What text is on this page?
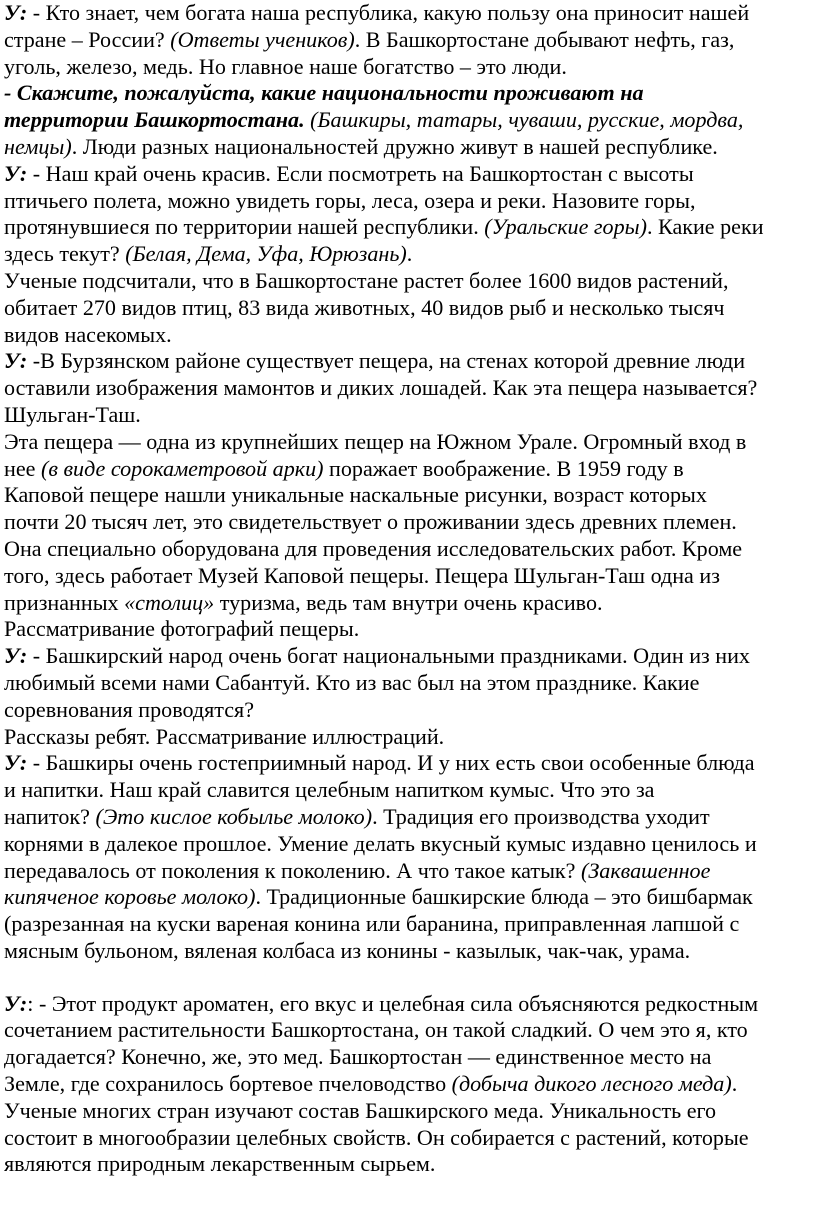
У: - Кто знает, чем богата наша республика, какую пользу она приносит нашей

стране – России? (Ответы учеников). В Башкортостане добывают нефть, газ,

уголь, железо, медь. Но главное наше богатство – это люди.

- Скажите, пожалуйста, какие национальности проживают на

территории Башкортостана. (Башкиры, татары, чуваши, русские, мордва,

немцы). Люди разных национальностей дружно живут в нашей республике.

У: - Наш край очень красив. Если посмотреть на Башкортостан с высоты

птичьего полета, можно увидеть горы, леса, озера и реки. Назовите горы,

протянувшиеся по территории нашей республики. (Уральские горы). Какие реки

здесь текут? (Белая, Дема, Уфа, Юрюзань).

Ученые подсчитали, что в Башкортостане растет более 1600 видов растений,

обитает 270 видов птиц, 83 вида животных, 40 видов рыб и несколько тысяч

видов насекомых.

У: -В Бурзянском районе существует пещера, на стенах которой древние люди

оставили изображения мамонтов и диких лошадей. Как эта пещера называется?

Шульган-Таш.

Эта пещера — одна из крупнейших пещер на Южном Урале. Огромный вход в

нее (в виде сорокаметровой арки) поражает воображение. В 1959 году в

Каповой пещере нашли уникальные наскальные рисунки, возраст которых

почти 20 тысяч лет, это свидетельствует о проживании здесь древних племен.

Она специально оборудована для проведения исследовательских работ. Кроме

того, здесь работает Музей Каповой пещеры. Пещера Шульган-Таш одна из

признанных «столиц» туризма, ведь там внутри очень красиво.

Рассматривание фотографий пещеры.

У: - Башкирский народ очень богат национальными праздниками. Один из них

любимый всеми нами Сабантуй. Кто из вас был на этом празднике. Какие

соревнования проводятся?

Рассказы ребят. Рассматривание иллюстраций.

У: - Башкиры очень гостеприимный народ. И у них есть свои особенные блюда

и напитки. Наш край славится целебным напитком кумыс. Что это за

напиток? (Это кислое кобылье молоко). Традиция его производства уходит

корнями в далекое прошлое. Умение делать вкусный кумыс издавно ценилось и

передавалось от поколения к поколению. А что такое катык? (Заквашенное

кипяченое коровье молоко). Традиционные башкирские блюда – это бишбармак

(разрезанная на куски вареная конина или баранина, приправленная лапшой с

мясным бульоном, вяленая колбаса из конины - казылык, чак-чак, урама.

У:: - Этот продукт ароматен, его вкус и целебная сила объясняются редкостным

сочетанием растительности Башкортостана, он такой сладкий. О чем это я, кто

догадается? Конечно, же, это мед. Башкортостан — единственное место на

Земле, где сохранилось бортевое пчеловодство (добыча дикого лесного меда).

Ученые многих стран изучают состав Башкирского меда. Уникальность его

состоит в многообразии целебных свойств. Он собирается с растений, которые

являются природным лекарственным сырьем.
